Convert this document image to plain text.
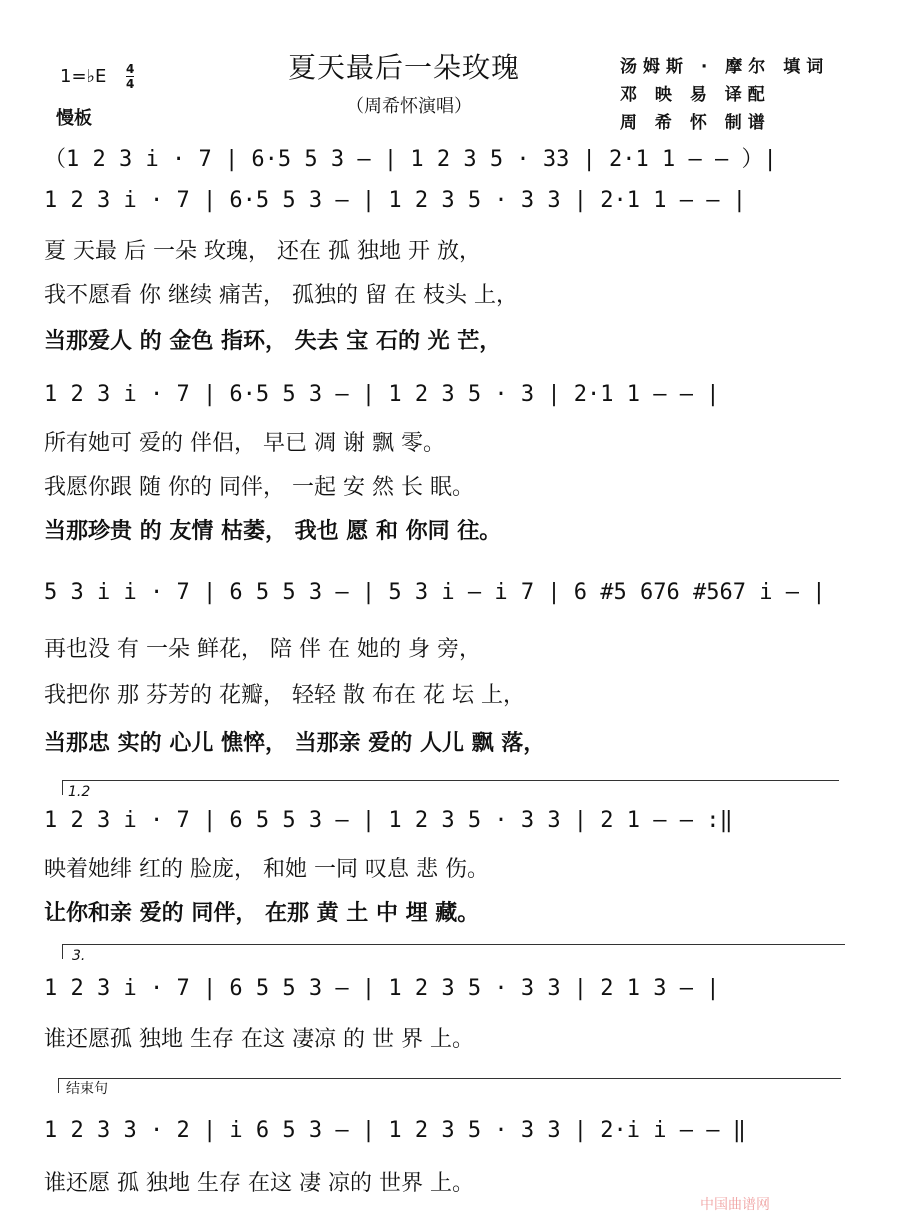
夏天最后一朵玫瑰
（周希怀演唱）
1=♭E 4
4
慢板
汤姆斯 · 摩尔 填词
邓 映 易 译配
周 希 怀 制谱
（1 2 3 i · 7 | 6·5 5 3 – | 1 2 3 5 · 33 | 2·1 1 – – ）|
1 2 3 i · 7 | 6·5 5 3 – | 1 2 3 5 · 3 3 | 2·1 1 – – |
夏 天最 后 一朵 玫瑰， 还在 孤 独地 开 放，
我不愿看 你 继续 痛苦， 孤独的 留 在 枝头 上，
当那爱人 的 金色 指环， 失去 宝 石的 光 芒，
1 2 3 i · 7 | 6·5 5 3 – | 1 2 3 5 · 3 | 2·1 1 – – |
所有她可 爱的 伴侣， 早已 凋 谢 飘 零。
我愿你跟 随 你的 同伴， 一起 安 然 长 眠。
当那珍贵 的 友情 枯萎， 我也 愿 和 你同 往。
5 3 i i · 7 | 6 5 5 3 – | 5 3 i – i 7 | 6 #5 676 #567 i – |
再也没 有 一朵 鲜花， 陪 伴 在 她的 身 旁，
我把你 那 芬芳的 花瓣， 轻轻 散 布在 花 坛 上，
当那忠 实的 心儿 憔悴， 当那亲 爱的 人儿 飘 落，
1.2
1 2 3 i · 7 | 6 5 5 3 – | 1 2 3 5 · 3 3 | 2 1 – – :‖
映着她绯 红的 脸庞， 和她 一同 叹息 悲 伤。
让你和亲 爱的 同伴， 在那 黄 土 中 埋 藏。
3.
1 2 3 i · 7 | 6 5 5 3 – | 1 2 3 5 · 3 3 | 2 1 3 – |
谁还愿孤 独地 生存 在这 凄凉 的 世 界 上。
结束句
1 2 3 3 · 2 | i 6 5 3 – | 1 2 3 5 · 3 3 | 2·i i – – ‖
谁还愿 孤 独地 生存 在这 凄 凉的 世界 上。
中国曲谱网
